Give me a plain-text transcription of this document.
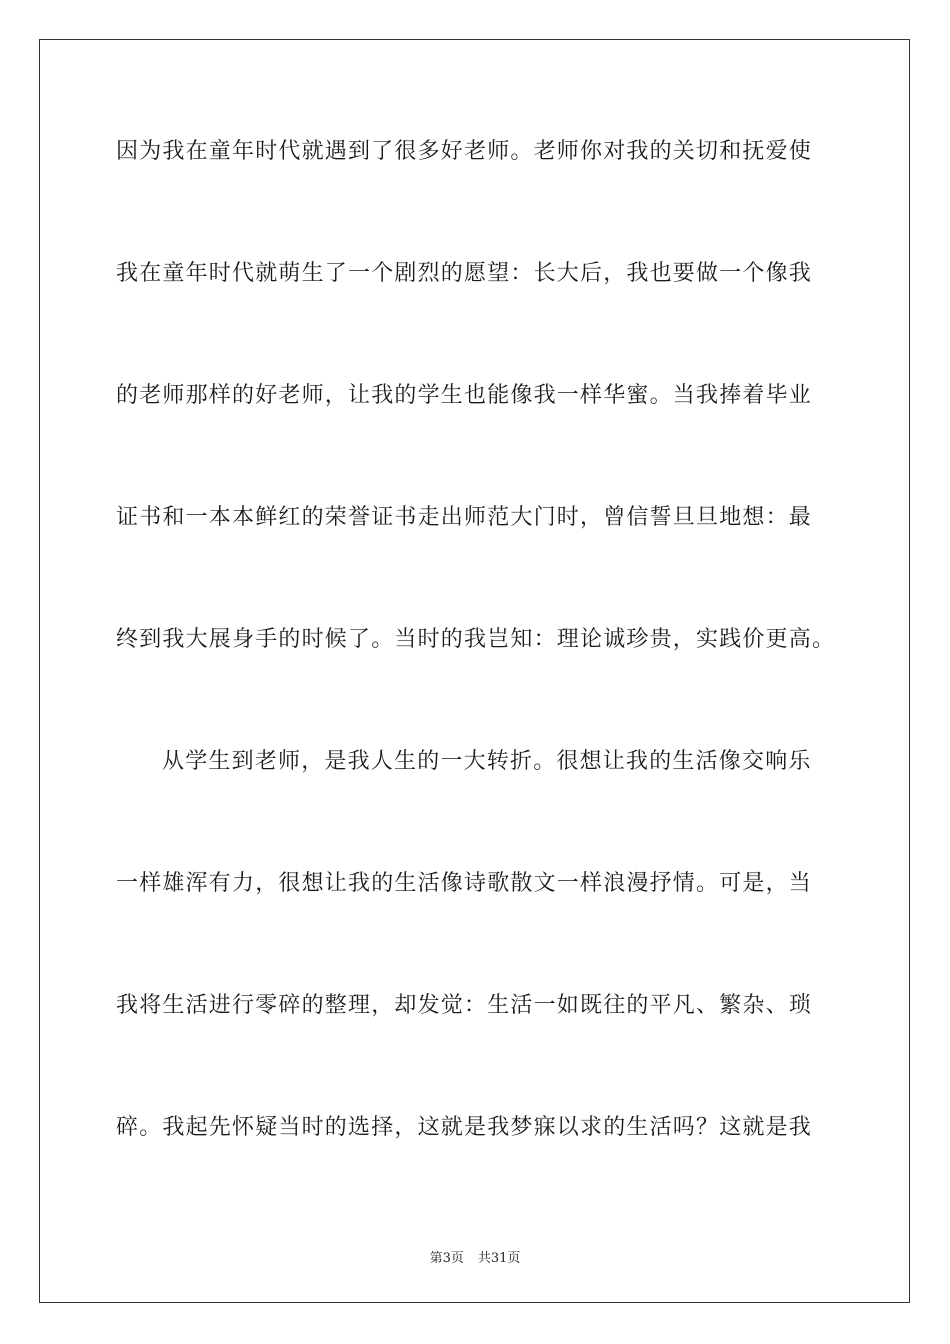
因为我在童年时代就遇到了很多好老师。老师你对我的关切和抚爱使
我在童年时代就萌生了一个剧烈的愿望：长大后，我也要做一个像我
的老师那样的好老师，让我的学生也能像我一样华蜜。当我捧着毕业
证书和一本本鲜红的荣誉证书走出师范大门时，曾信誓旦旦地想：最
终到我大展身手的时候了。当时的我岂知：理论诚珍贵，实践价更高。
从学生到老师，是我人生的一大转折。很想让我的生活像交响乐
一样雄浑有力，很想让我的生活像诗歌散文一样浪漫抒情。可是，当
我将生活进行零碎的整理，却发觉：生活一如既往的平凡、繁杂、琐
碎。我起先怀疑当时的选择，这就是我梦寐以求的生活吗？这就是我
第3页 共31页
